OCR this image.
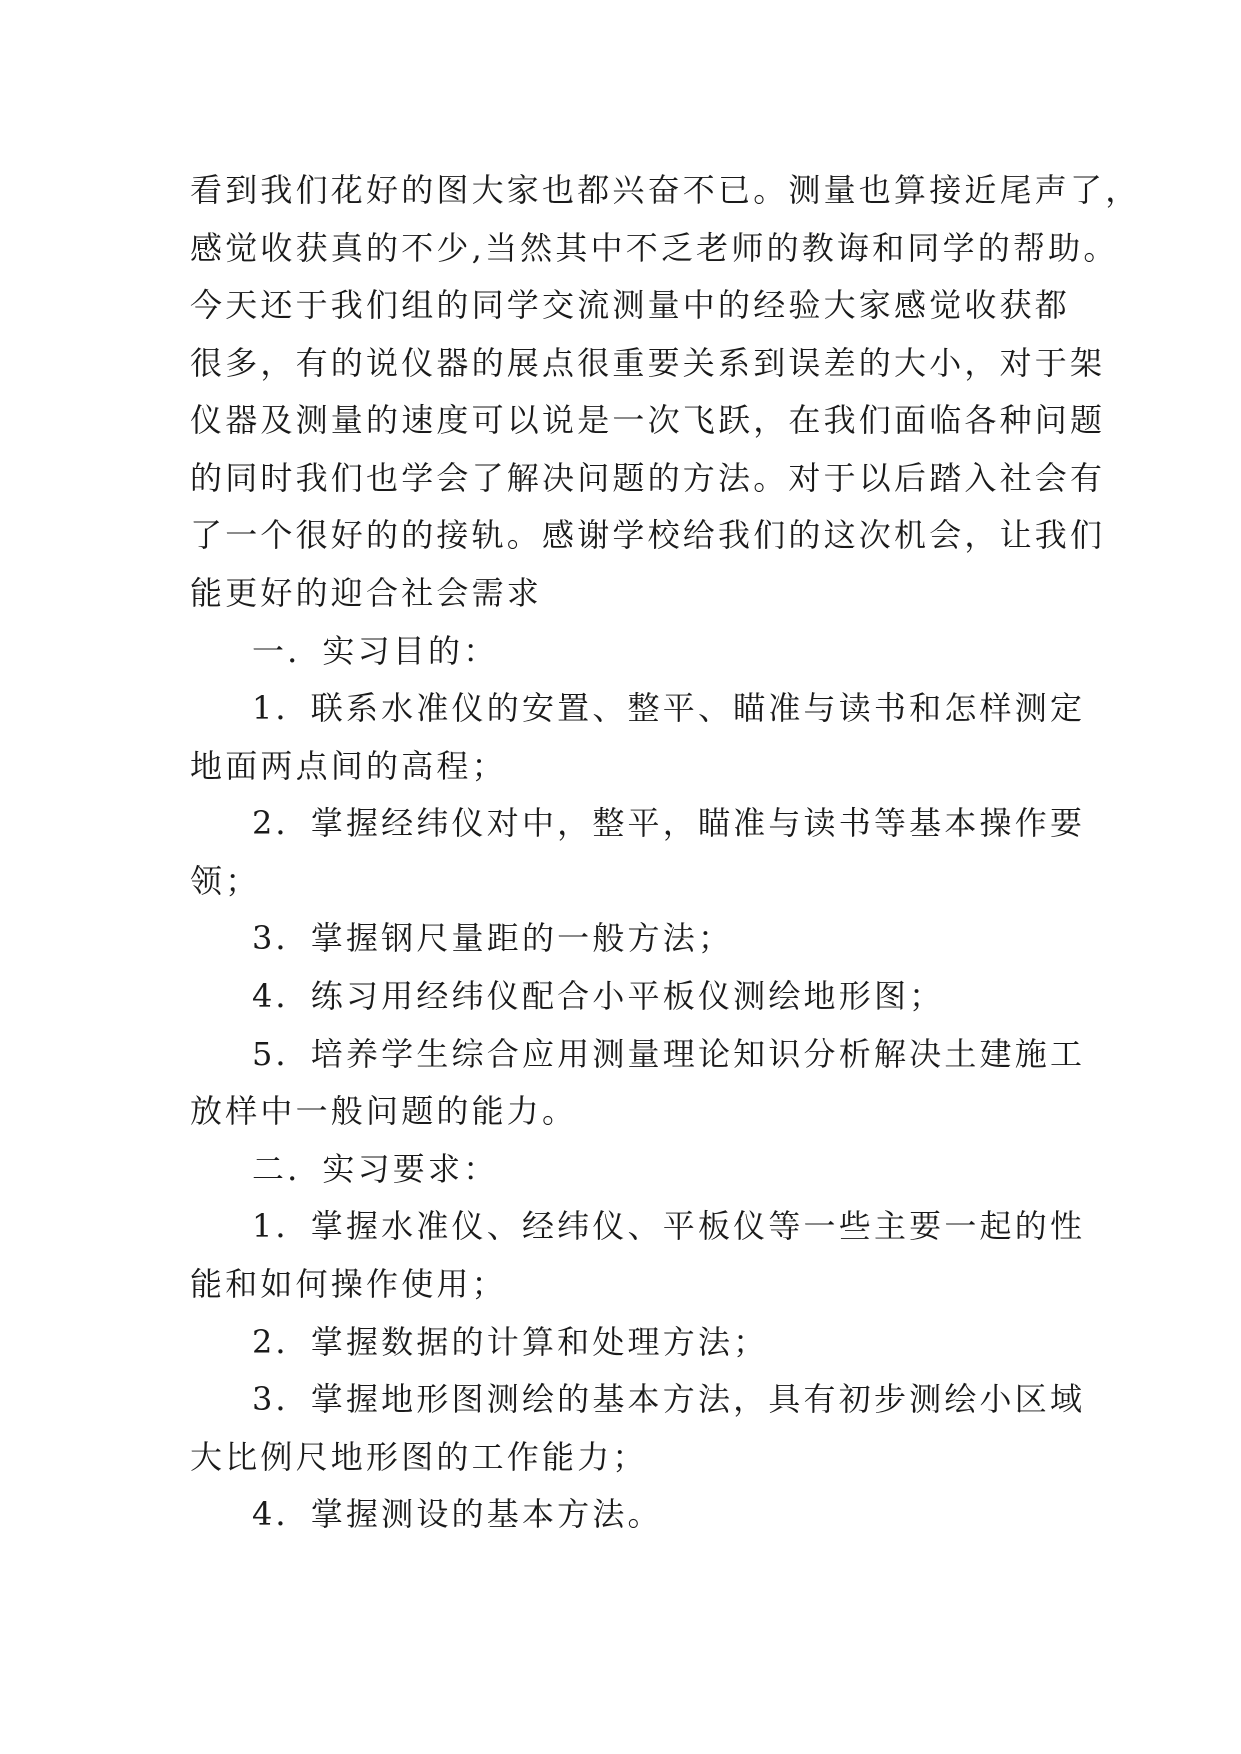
看到我们花好的图大家也都兴奋不已。测量也算接近尾声了，
感觉收获真的不少,当然其中不乏老师的教诲和同学的帮助。
今天还于我们组的同学交流测量中的经验大家感觉收获都
很多，有的说仪器的展点很重要关系到误差的大小，对于架
仪器及测量的速度可以说是一次飞跃，在我们面临各种问题
的同时我们也学会了解决问题的方法。对于以后踏入社会有
了一个很好的的接轨。感谢学校给我们的这次机会，让我们
能更好的迎合社会需求
一．实习目的：
1．联系水准仪的安置、整平、瞄准与读书和怎样测定
地面两点间的高程；
2．掌握经纬仪对中，整平，瞄准与读书等基本操作要
领；
3．掌握钢尺量距的一般方法；
4．练习用经纬仪配合小平板仪测绘地形图；
5．培养学生综合应用测量理论知识分析解决土建施工
放样中一般问题的能力。
二．实习要求：
1．掌握水准仪、经纬仪、平板仪等一些主要一起的性
能和如何操作使用；
2．掌握数据的计算和处理方法；
3．掌握地形图测绘的基本方法，具有初步测绘小区域
大比例尺地形图的工作能力；
4．掌握测设的基本方法。
